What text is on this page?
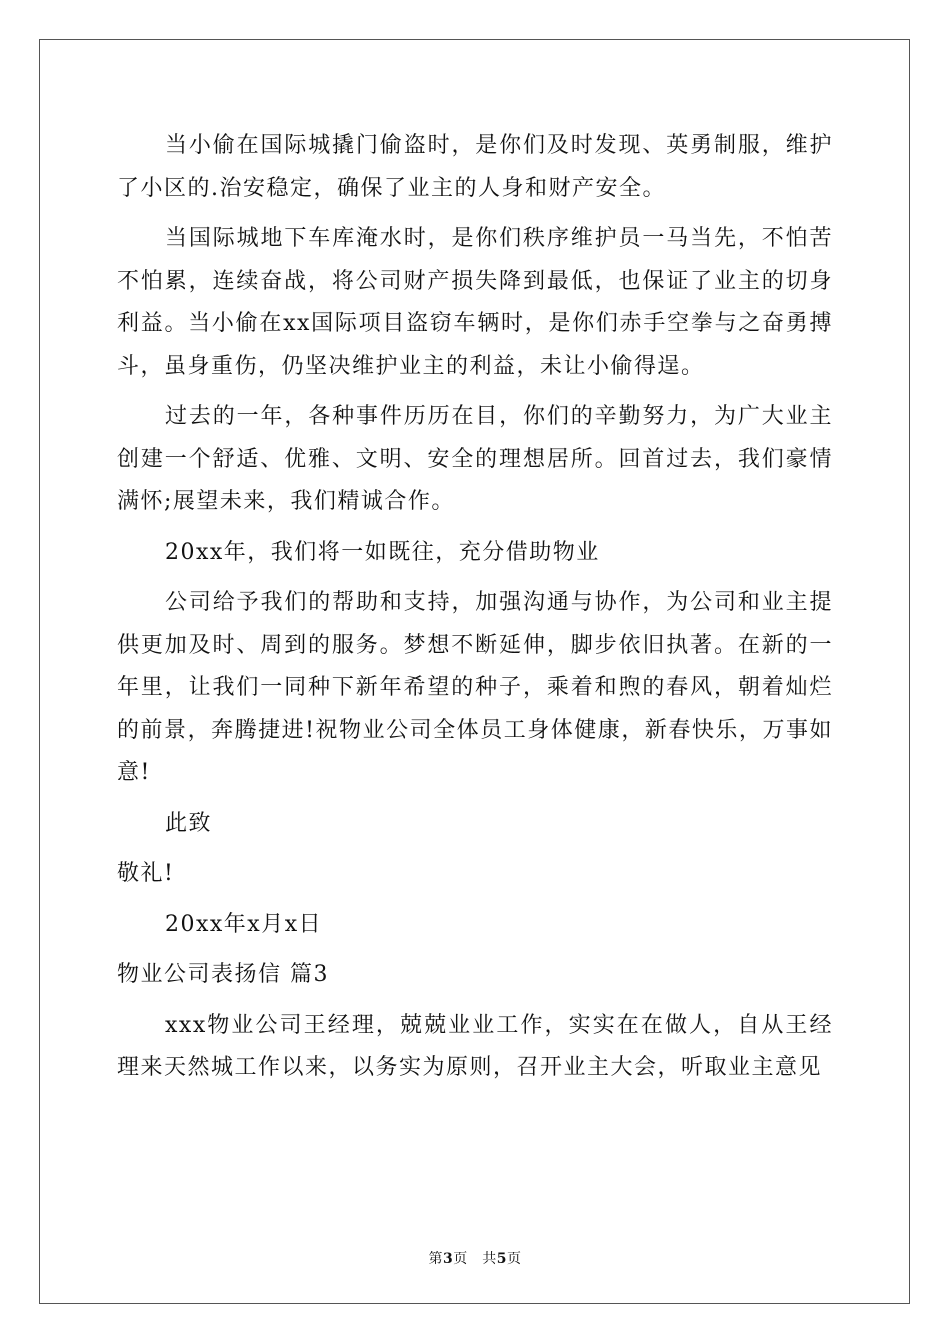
当小偷在国际城撬门偷盗时，是你们及时发现、英勇制服，维护了小区的.治安稳定，确保了业主的人身和财产安全。

当国际城地下车库淹水时，是你们秩序维护员一马当先，不怕苦不怕累，连续奋战，将公司财产损失降到最低，也保证了业主的切身利益。当小偷在xx国际项目盗窃车辆时，是你们赤手空拳与之奋勇搏斗，虽身重伤，仍坚决维护业主的利益，未让小偷得逞。

过去的一年，各种事件历历在目，你们的辛勤努力，为广大业主创建一个舒适、优雅、文明、安全的理想居所。回首过去，我们豪情满怀;展望未来，我们精诚合作。

20xx年，我们将一如既往，充分借助物业

公司给予我们的帮助和支持，加强沟通与协作，为公司和业主提供更加及时、周到的服务。梦想不断延伸，脚步依旧执著。在新的一年里，让我们一同种下新年希望的种子，乘着和煦的春风，朝着灿烂的前景，奔腾捷进!祝物业公司全体员工身体健康，新春快乐，万事如意!

此致

敬礼!

20xx年x月x日

物业公司表扬信 篇3

xxx物业公司王经理，兢兢业业工作，实实在在做人，自从王经理来天然城工作以来，以务实为原则，召开业主大会，听取业主意见

第3页　共5页
